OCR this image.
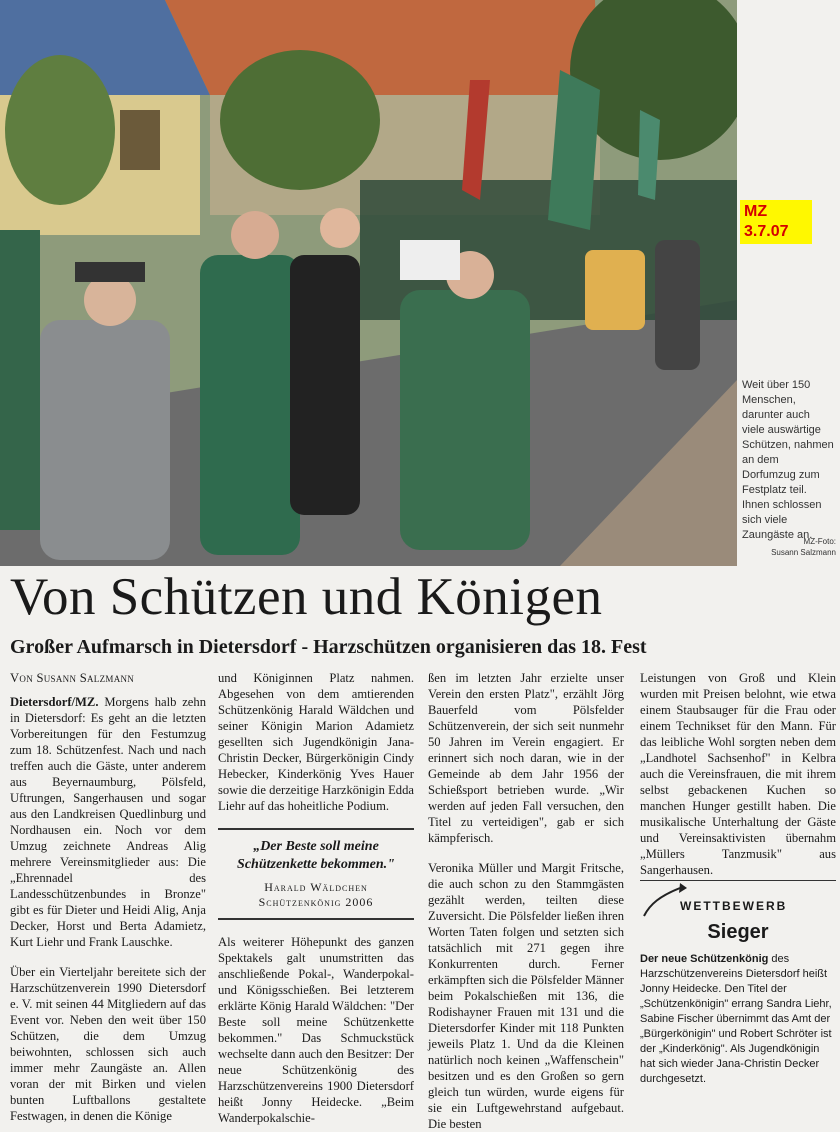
MZ
3.7.07
Weit über 150 Menschen, darunter auch viele auswärtige Schützen, nahmen an dem Dorfumzug zum Festplatz teil. Ihnen schlossen sich viele Zaungäste an.
MZ-Foto:
Susann Salzmann
Von Schützen und Königen
Großer Aufmarsch in Dietersdorf - Harzschützen organisieren das 18. Fest

Von Susann Salzmann

Dietersdorf/MZ. Morgens halb zehn in Dietersdorf: Es geht an die letzten Vorbereitungen für den Festumzug zum 18. Schützenfest. Nach und nach treffen auch die Gäste, unter anderem aus Beyernaumburg, Pölsfeld, Uftrungen, Sangerhausen und sogar aus den Landkreisen Quedlinburg und Nordhausen ein. Noch vor dem Umzug zeichnete Andreas Alig mehrere Vereinsmitglieder aus: Die „Ehrennadel des Landesschützenbundes in Bronze" gibt es für Dieter und Heidi Alig, Anja Decker, Horst und Berta Adamietz, Kurt Liehr und Frank Lauschke.

Über ein Vierteljahr bereitete sich der Harzschützenverein 1990 Dietersdorf e. V. mit seinen 44 Mitgliedern auf das Event vor. Neben den weit über 150 Schützen, die dem Umzug beiwohnten, schlossen sich auch immer mehr Zaungäste an. Allen voran der mit Birken und vielen bunten Luftballons gestaltete Festwagen, in denen die Könige

und Königinnen Platz nahmen. Abgesehen von dem amtierenden Schützenkönig Harald Wäldchen und seiner Königin Marion Adamietz gesellten sich Jugendkönigin Jana-Christin Decker, Bürgerkönigin Cindy Hebecker, Kinderkönig Yves Hauer sowie die derzeitige Harzkönigin Edda Liehr auf das hoheitliche Podium.

„Der Beste soll meine Schützenkette bekommen."
Harald Wäldchen
Schützenkönig 2006

Als weiterer Höhepunkt des ganzen Spektakels galt unumstritten das anschließende Pokal-, Wanderpokal- und Königsschießen. Bei letzterem erklärte König Harald Wäldchen: "Der Beste soll meine Schützenkette bekommen." Das Schmuckstück wechselte dann auch den Besitzer: Der neue Schützenkönig des Harzschützenvereins 1900 Dietersdorf heißt Jonny Heidecke. „Beim Wanderpokalschie-

ßen im letzten Jahr erzielte unser Verein den ersten Platz", erzählt Jörg Bauerfeld vom Pölsfelder Schützenverein, der sich seit nunmehr 50 Jahren im Verein engagiert. Er erinnert sich noch daran, wie in der Gemeinde ab dem Jahr 1956 der Schießsport betrieben wurde. „Wir werden auf jeden Fall versuchen, den Titel zu verteidigen", gab er sich kämpferisch.

Veronika Müller und Margit Fritsche, die auch schon zu den Stammgästen gezählt werden, teilten diese Zuversicht. Die Pölsfelder ließen ihren Worten Taten folgen und setzten sich tatsächlich mit 271 gegen ihre Konkurrenten durch. Ferner erkämpften sich die Pölsfelder Männer beim Pokalschießen mit 136, die Rodishayner Frauen mit 131 und die Dietersdorfer Kinder mit 118 Punkten jeweils Platz 1. Und da die Kleinen natürlich noch keinen „Waffenschein" besitzen und es den Großen so gern gleich tun würden, wurde eigens für sie ein Luftgewehrstand aufgebaut. Die besten

Leistungen von Groß und Klein wurden mit Preisen belohnt, wie etwa einem Staubsauger für die Frau oder einem Technikset für den Mann. Für das leibliche Wohl sorgten neben dem „Landhotel Sachsenhof" in Kelbra auch die Vereinsfrauen, die mit ihrem selbst gebackenen Kuchen so manchen Hunger gestillt haben. Die musikalische Unterhaltung der Gäste und Vereinsaktivisten übernahm „Müllers Tanzmusik" aus Sangerhausen.

WETTBEWERB
Sieger
Der neue Schützenkönig des Harzschützenvereins Dietersdorf heißt Jonny Heidecke. Den Titel der „Schützenkönigin" errang Sandra Liehr, Sabine Fischer übernimmt das Amt der „Bürgerkönigin" und Robert Schröter ist der „Kinderkönig". Als Jugendkönigin hat sich wieder Jana-Christin Decker durchgesetzt.
